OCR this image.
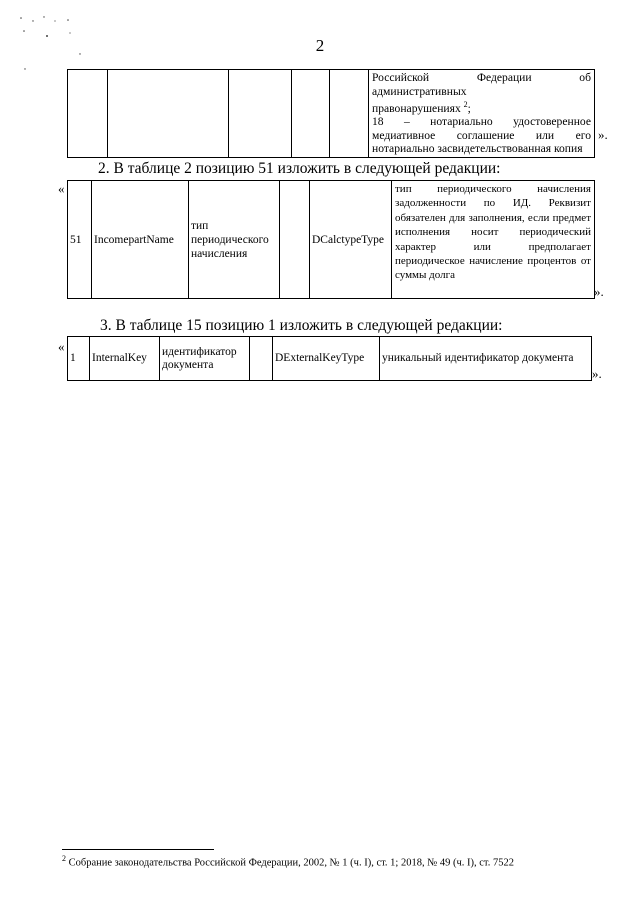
2

Российской Федерации об административных
правонарушениях $^2$;
18 – нотариально удостоверенное
медиативное соглашение или его
нотариально засвидетельствованная копия
».
2. В таблице 2 позицию 51 изложить в следующей редакции:
«
51	IncomepartName	тип периодического начисления		DCalctypeType	тип периодического начисления задолженности по ИД. Реквизит обязателен для заполнения, если предмет исполнения носит периодический характер или предполагает периодическое начисление процентов от суммы долга
».
3. В таблице 15 позицию 1 изложить в следующей редакции:
«
1	InternalKey	идентификатор документа		DExternalKeyType	уникальный идентификатор документа
».
$^2$ Собрание законодательства Российской Федерации, 2002, № 1 (ч. I), ст. 1; 2018, № 49 (ч. I), ст. 7522
